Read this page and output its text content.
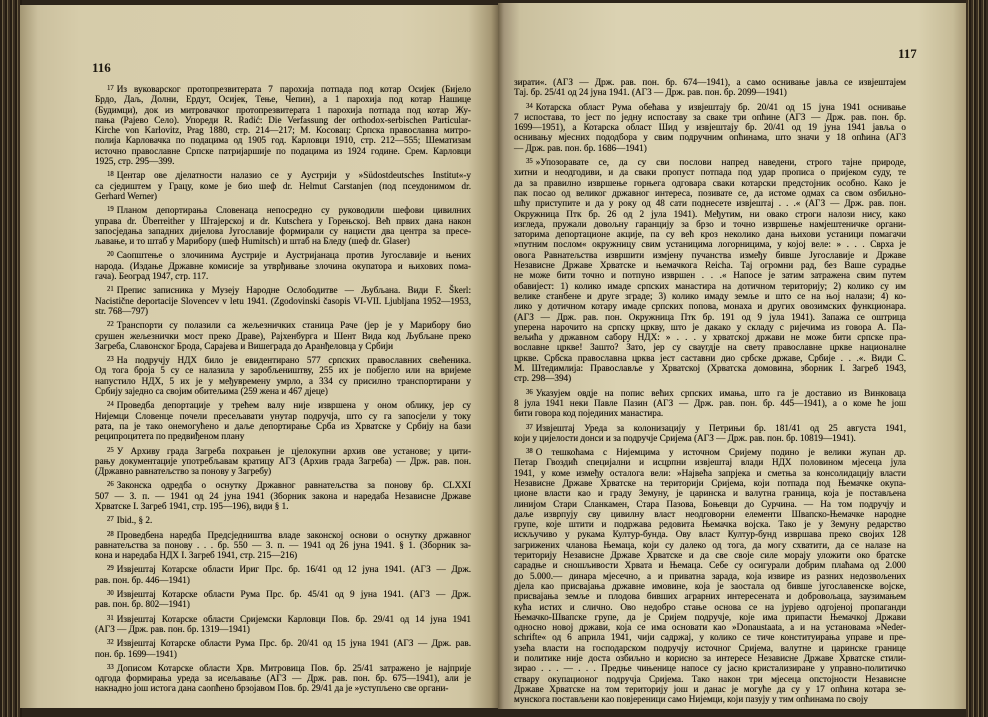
116
117
$^{17}$ Из вуковарског протопрезвитерата 7 парохија потпада под котар Осијек (Бијело
Брдо, Даљ, Долни, Ердут, Осијек, Тење, Чепин), а 1 парохија под котар Нашице
(Будимци), док из митровачког протопрезвитерата 1 парохија потпада под котар Жу-
пања (Рајево Село). Упореди R. Radić: Die Verfassung der orthodox-serbischen Particular-
Kirche von Karlovitz, Prag 1880, стр. 214—217; М. Косовац: Српска православна митро-
полија Карловачка по подацима од 1905 год. Карловци 1910, стр. 212—555; Шематизам
источно православне Српске патријаршије по подацима из 1924 године. Срем. Карловци
1925, стр. 295—399.
$^{18}$ Центар ове дјелатности налазио се у Аустрији у »Südostdeutsches Institut«-у
са сједиштем у Грацу, коме је био шеф dr. Helmut Carstanjen (под псеудонимом dr.
Gerhard Werner)
$^{19}$ Планом депортирања Словенаца непосредно су руководили шефови цивилних
управа dr. Überreither у Штајерској и dr. Kutschera у Горењској. Већ првих дана након
запосједања западних дијелова Југославије формирали су нацисти два центра за пресе-
љавање, и то штаб у Марибору (шеф Humitsch) и штаб на Бледу (шеф dr. Glaser)
$^{20}$ Саопштење о злочинима Аустрије и Аустријанаца против Југославије и њених
народа. (Издање Државне комисије за утврђивање злочина окупатора и њихових пома-
гача). Београд 1947, стр. 117.
$^{21}$ Препис записника у Музеју Народне Ослободитве — Љубљана. Види F. Škerl:
Nacistične deportacije Slovencev v letu 1941. (Zgodovinski časopis VI-VII. Ljubljana 1952—1953,
str. 768—797)
$^{22}$ Транспорти су полазили са жељезничких станица Раче (јер је у Марибору био
срушен жељезнички мост преко Драве), Рајхенбурга и Шент Вида код Љубљане преко
Загреба, Славонског Брода, Сарајева и Вишеграда до Аранђеловца у Србији
$^{23}$ На подручју НДХ било је евидентирано 577 српских православних свећеника.
Од тога броја 5 су се налазила у заробљеништву, 255 их је побјегло или на вријеме
напустило НДХ, 5 их је у међувремену умрло, а 334 су присилно транспортирани у
Србију заједно са својим обитељима (259 жена и 467 дјеце)
$^{24}$ Проведба депортације у трећем валу није извршена у оном облику, јер су
Нијемци Словенце почели пресељавати унутар подручја, што су га запосјели у току
рата, па је тако онемогућено и даље депортирање Срба из Хрватске у Србију на бази
реципроцитета по предвиђеном плану
$^{25}$ У Архиву града Загреба похрањен је цјелокупни архив ове установе; у цити-
рању документације употребљавам кратицу АГЗ (Архив града Загреба) — Држ. рав. пон.
(Државно равнатељство за понову у Загребу)
$^{26}$ Законска одредба о оснутку Државног равнатељства за понову бр. CLXXI
507 — З. п. — 1941 од 24 јуна 1941 (Зборник закона и наредаба Независне Државе
Хрватске I. Загреб 1941, стр. 195—196), види § 1.
$^{27}$ Ibid., § 2.
$^{28}$ Проведбена наредба Предсједништва владе законској основи о оснутку државног
равнатељства за понову . . . бр. 550 — З. п. — 1941 од 26 јуна 1941. § 1. (Зборник за-
кона и наредаба НДХ I. Загреб 1941, стр. 215—216)
$^{29}$ Извјештај Котарске области Ириг Прс. бр. 16/41 од 12 јуна 1941. (АГЗ — Држ.
рав. пон. бр. 446—1941)
$^{30}$ Извјештај Котарске области Рума Прс. бр. 45/41 од 9 јуна 1941. (АГЗ — Држ.
рав. пон. бр. 802—1941)
$^{31}$ Извјештај Котарске области Сријемски Карловци Пов. бр. 29/41 од 14 јуна 1941
(АГЗ — Држ. рав. пон. бр. 1319—1941)
$^{32}$ Извјештај Котарске области Рума Прс. бр. 20/41 од 15 јуна 1941 (АГЗ — Држ. рав.
пон. бр. 1699—1941)
$^{33}$ Дописом Котарске области Хрв. Митровица Пов. бр. 25/41 затражено је најприје
одгода формирања уреда за исељавање (АГЗ — Држ. рав. пон. бр. 675—1941), али је
накнадно још истога дана саопћено брзојавом Пов. бр. 29/41 да је »уступљено све органи-
зирати«. (АГЗ — Држ. рав. пон. бр. 674—1941), а само оснивање јавља се извјештајем
Тај. бр. 25/41 од 24 јуна 1941. (АГЗ — Држ. рав. пон. бр. 2099—1941)
$^{34}$ Котарска област Рума обећава у извјештају бр. 20/41 од 15 јуна 1941 оснивање
7 испостава, то јест по једну испоставу за сваке три опћине (АГЗ — Држ. рав. пон. бр.
1699—1951), а Котарска област Шид у извјештају бр. 20/41 од 19 јуна 1941 јавља о
оснивању мјесних пододбора у свим подручним опћинама, што значи у 18 опћина (АГЗ
— Држ. рав. пон. бр. 1686—1941)
$^{35}$ »Упозоравате се, да су сви послови напред наведени, строго тајне природе,
хитни и неодгодиви, и да сваки пропуст потпада под удар прописа о пријеком суду, те
да за правилно извршење горњега одговара сваки котарски предстојник особно. Како је
пак посао од великог државног интереса, позивате се, да истоме одмах са свом озбиљно-
шћу приступите и да у року од 48 сати поднесете извјештај . . .« (АГЗ — Држ. рав. пон.
Окружница Птк бр. 26 од 2 јула 1941). Међутим, ни овако строги налози нису, како
изгледа, пружали довољну гаранцију за брзо и точно извршење намјештеничке органи-
заторима депортационе акције, па су већ кроз неколико дана њихови устаници помагачи
»путним послом« окружницу свим устаницима логорницима, у којој веле: » . . . Сврха је
овога Равнатељства извршити измјену пучанства између бивше Југославије и Државе
Независне Државе Хрватске и њемачкога Reicha. Тај огромни рад, без Ваше сурадње
не може бити точно и потпуно извршен . . .« Напосе је затим затражена свим путем
обавијест: 1) колико имаде српских манастира на дотичном територију; 2) колико су им
велике станбене и друге зграде; 3) колико имаду земље и што се на њој налази; 4) ко-
лико у дотичном котару имаде српских попова, монаха и других овозимских функционара.
(АГЗ — Држ. рав. пон. Окружница Птк бр. 191 од 9 јула 1941). Запажа се оштрица
уперена нарочито на српску цркву, што је дакако у складу с ријечима из говора А. Па-
вељића у државном сабору НДХ: » . . . у хрватској држави не може бити српске пра-
вославне цркве! Зашто? Зато, јер су сваугдје на свету православне цркве националне
цркве. Србска православна црква јест саставни дио србске државе, Србије . . .«. Види С.
М. Штедимлија: Православље у Хрватској (Хрватска домовина, зборник I. Загреб 1943,
стр. 298—394)
$^{36}$ Указујем овдје на попис већих српских имања, што га је доставио из Винковаца
8 јула 1941 неки Павле Пазин (АГЗ — Држ. рав. пон. бр. 445—1941), а о коме ће још
бити говора код појединих манастира.
$^{37}$ Извјештај Уреда за колонизацију у Петрињи бр. 181/41 од 25 августа 1941,
који у цијелости донси и за подручје Сријема (АГЗ — Држ. рав. пон. бр. 10819—1941).
$^{38}$ О тешкоћама с Нијемцима у источном Сријему подино је велики жупан др.
Петар Гвоздић специјални и исцрпни извјештај влади НДХ половином мјесеца јула
1941, у коме између осталога вели: »Највећа запрјека и сметња за консолидацију власти
Независне Државе Хрватске на територији Сријема, који потпада под Њемачке окупа-
ционе власти као и граду Земуну, је царинска и валутна граница, која је постављена
линијом Стари Сланкамен, Стара Пазова, Боњевци до Сурчина. — На том подручју и
даље изврпују сву цивилну власт неодговорни елементи Швапско-Њемачке народне
групе, које штити и подржава редовита Њемачка војска. Тако је у Земуну редарство
искључиво у рукама Култур-бунда. Ову власт Култур-бунд извршава преко својих 128
загрижених чланова Њемаца, који су далеко од тога, да могу схватити, да се налазе на
територију Независне Државе Хрватске и да све своје силе морају уложити око братске
сарадње и сношљивости Хрвата и Њемаца. Себе су осигурали добрим плаћама од 2.000
до 5.000.— динара мјесечно, а и приватна зарада, која извире из разних недозвољених
дјела као присвајања државне имовине, која је заостала од бивше југославенске војске,
присвајања земље и плодова бивших аграрних интересената и добровољаца, заузимањем
кућа истих и слично. Ово недобро стање основа се на јурјево одгојеној пропаганди
Њемачко-Швапске групе, да је Сријем подручје, које има припасти Њемачкој Држави
односно новој држави, која се има основати као »Donaustaata, а и на установама »Neder-
schriftе« од 6 априла 1941, чији садржај, у колико се тиче конституирања управе и пре-
узећа власти на господарском подручју источног Сријема, валутне и царинске границе
и политике није доста озбиљно и корисно за интересе Независне Државе Хрватске стили-
зирао . . . — . . . Предње чињенице напосе су јасно кристализиране у управно-политичко
ствару окупационог подручја Сријема. Тако након три мјесеца опстојности Независне
Државе Хрватске на том територију још и данас је могуће да су у 17 опћина котара зе-
мунскога постављени као повјереници само Нијемци, који пазују у тим опћинама по своју
